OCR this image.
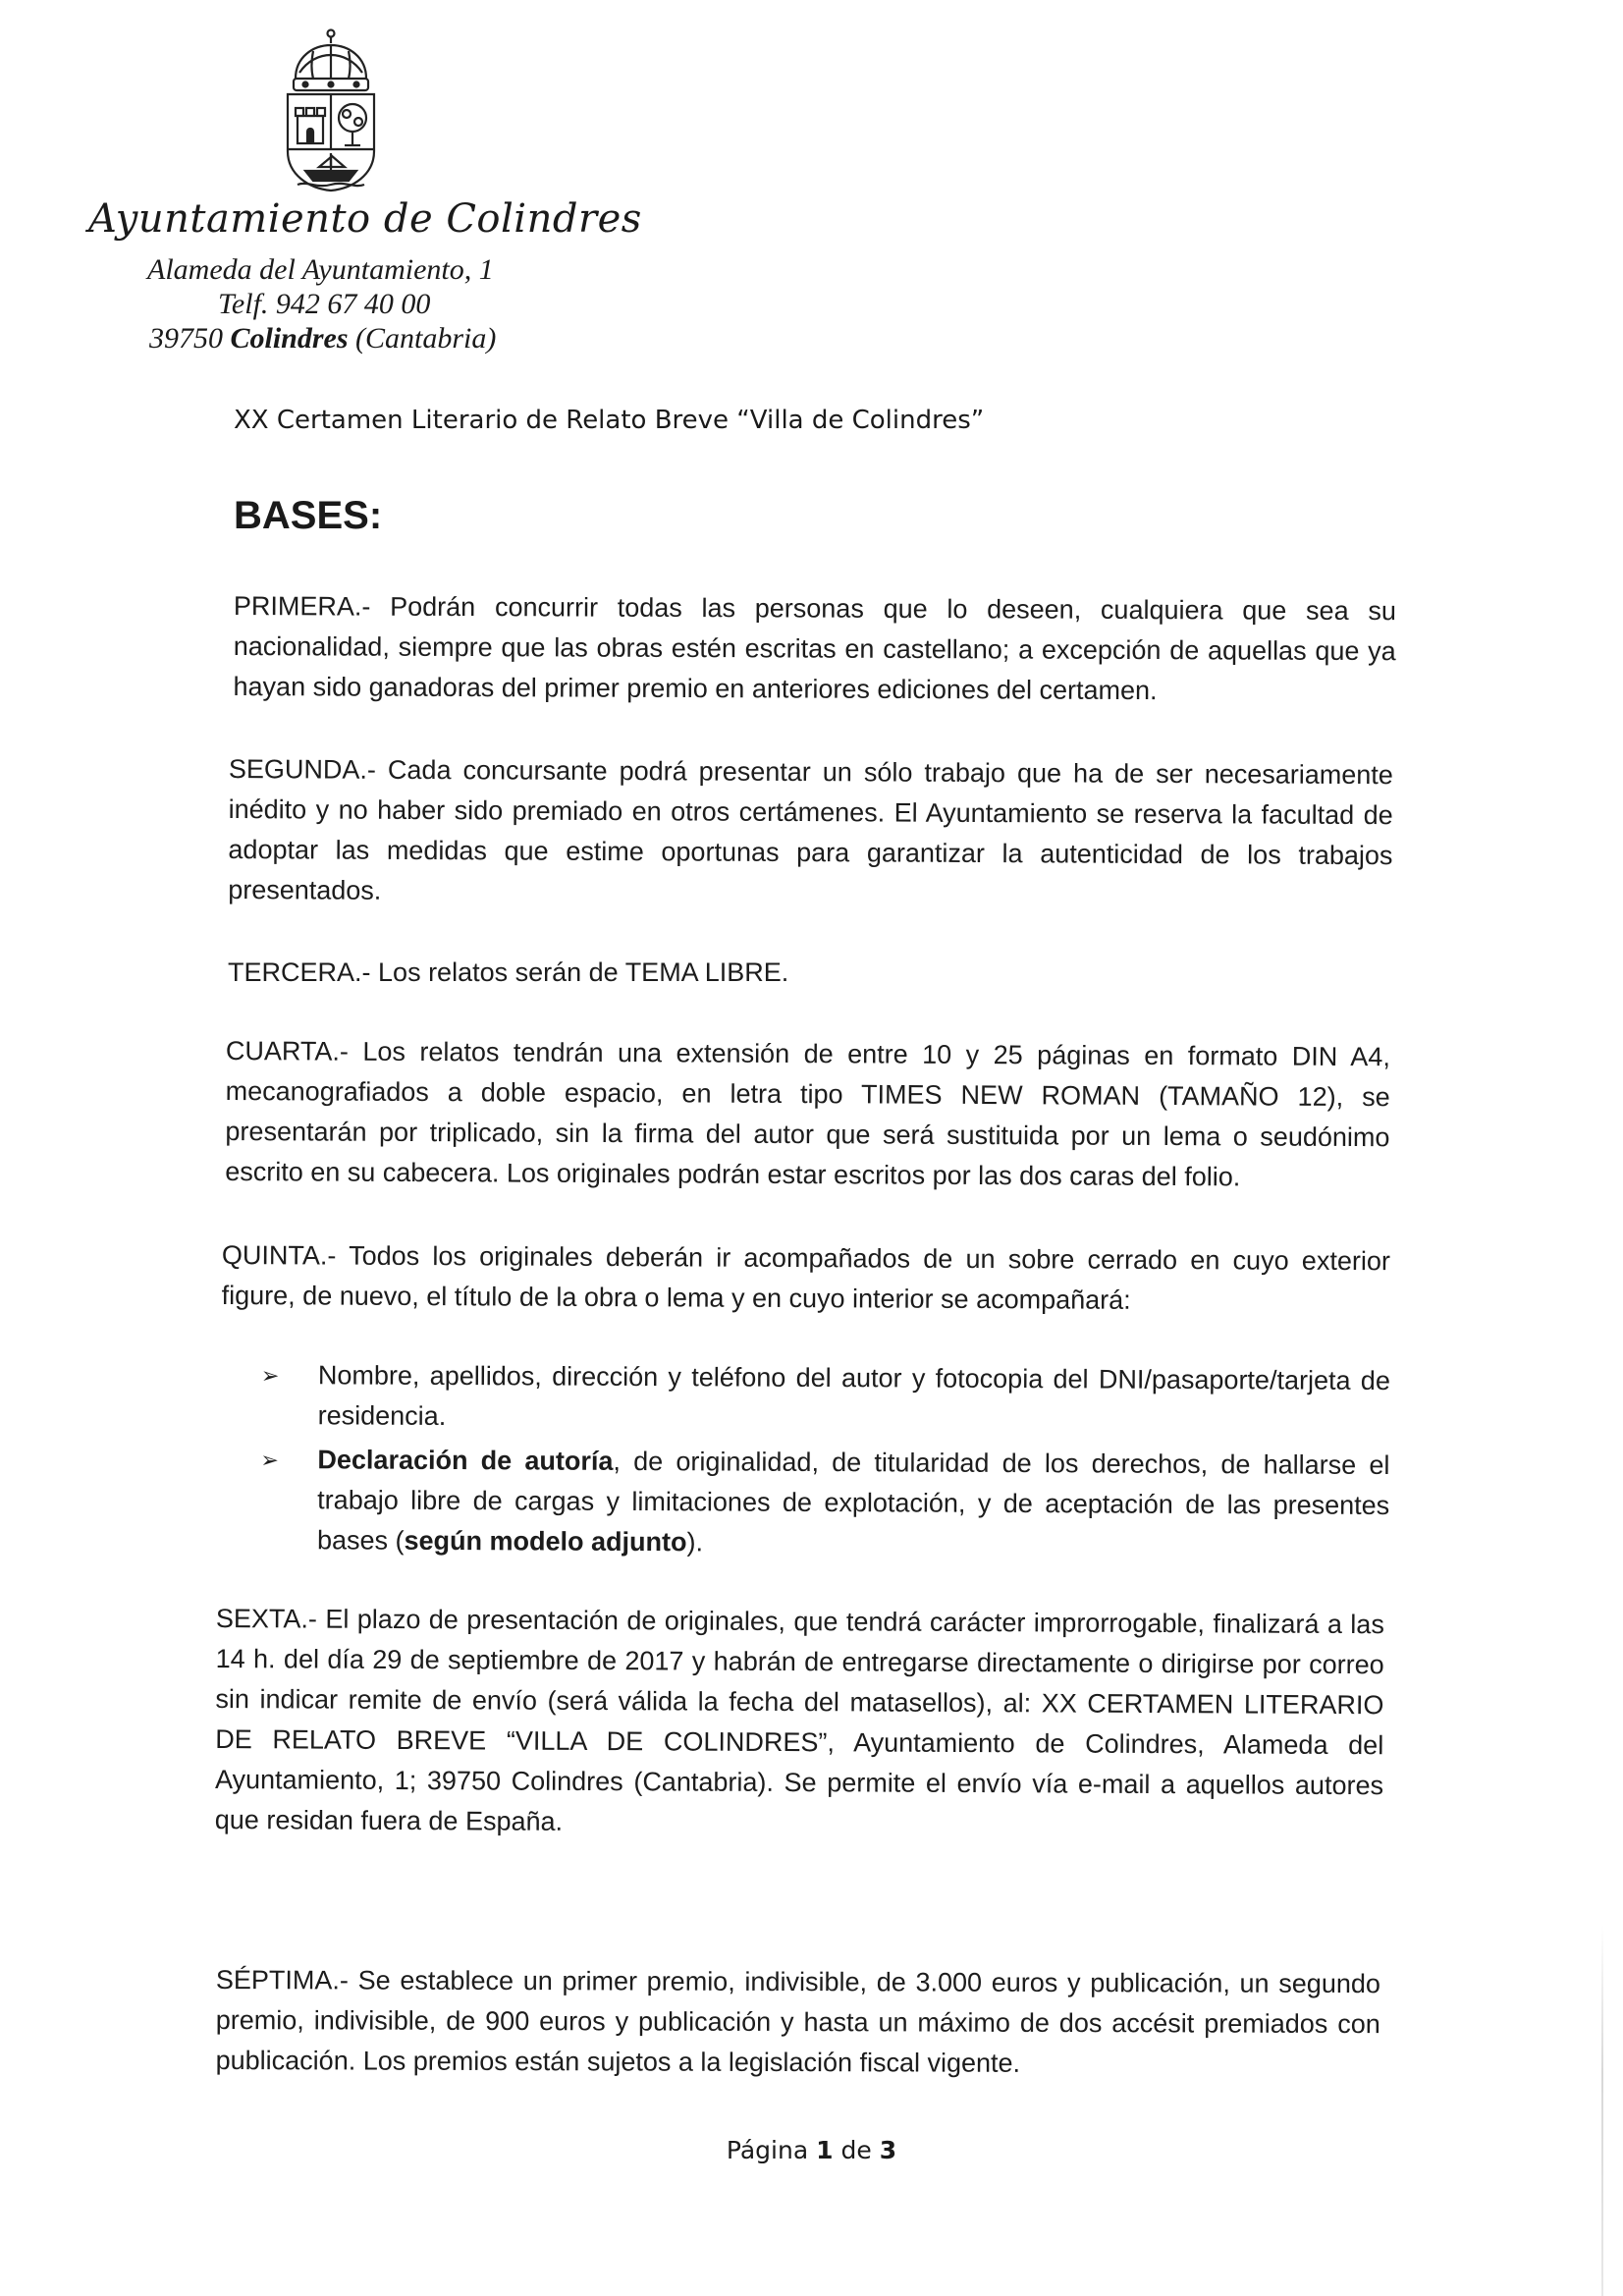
Ayuntamiento de Colindres
Alameda del Ayuntamiento, 1
Telf. 942 67 40 00
39750 Colindres (Cantabria)
XX Certamen Literario de Relato Breve “Villa de Colindres”
BASES:
PRIMERA.- Podrán concurrir todas las personas que lo deseen, cualquiera que sea su nacionalidad, siempre que las obras estén escritas en castellano; a excepción de aquellas que ya hayan sido ganadoras del primer premio en anteriores ediciones del certamen.
SEGUNDA.- Cada concursante podrá presentar un sólo trabajo que ha de ser necesariamente inédito y no haber sido premiado en otros certámenes. El Ayuntamiento se reserva la facultad de adoptar las medidas que estime oportunas para garantizar la autenticidad de los trabajos presentados.
TERCERA.- Los relatos serán de TEMA LIBRE.
CUARTA.- Los relatos tendrán una extensión de entre 10 y 25 páginas en formato DIN A4, mecanografiados a doble espacio, en letra tipo TIMES NEW ROMAN (TAMAÑO 12), se presentarán por triplicado, sin la firma del autor que será sustituida por un lema o seudónimo escrito en su cabecera. Los originales podrán estar escritos por las dos caras del folio.
QUINTA.- Todos los originales deberán ir acompañados de un sobre cerrado en cuyo exterior figure, de nuevo, el título de la obra o lema y en cuyo interior se acompañará:
➢ Nombre, apellidos, dirección y teléfono del autor y fotocopia del DNI/pasaporte/tarjeta de residencia.
➢ Declaración de autoría, de originalidad, de titularidad de los derechos, de hallarse el trabajo libre de cargas y limitaciones de explotación, y de aceptación de las presentes bases (según modelo adjunto).
SEXTA.- El plazo de presentación de originales, que tendrá carácter improrrogable, finalizará a las 14 h. del día 29 de septiembre de 2017 y habrán de entregarse directamente o dirigirse por correo sin indicar remite de envío (será válida la fecha del matasellos), al: XX CERTAMEN LITERARIO DE RELATO BREVE “VILLA DE COLINDRES”, Ayuntamiento de Colindres, Alameda del Ayuntamiento, 1; 39750 Colindres (Cantabria). Se permite el envío vía e-mail a aquellos autores que residan fuera de España.
SÉPTIMA.- Se establece un primer premio, indivisible, de 3.000 euros y publicación, un segundo premio, indivisible, de 900 euros y publicación y hasta un máximo de dos accésit premiados con publicación. Los premios están sujetos a la legislación fiscal vigente.
Página 1 de 3
